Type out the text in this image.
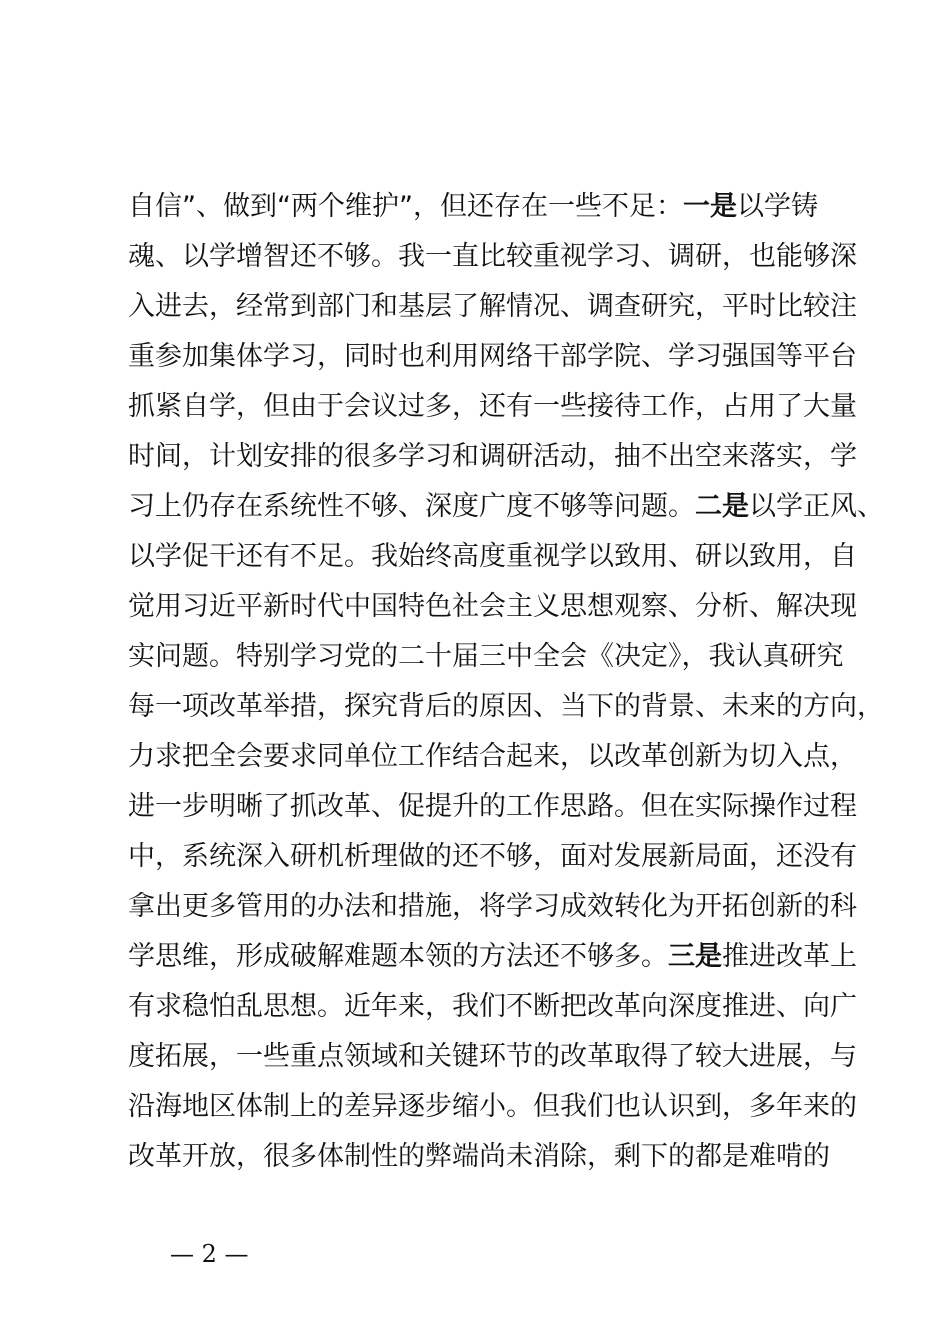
自信”、做到“两个维护”，但还存在一些不足：一是以学铸
魂、以学增智还不够。我一直比较重视学习、调研，也能够深
入进去，经常到部门和基层了解情况、调查研究，平时比较注
重参加集体学习，同时也利用网络干部学院、学习强国等平台
抓紧自学，但由于会议过多，还有一些接待工作，占用了大量
时间，计划安排的很多学习和调研活动，抽不出空来落实，学
习上仍存在系统性不够、深度广度不够等问题。二是以学正风、
以学促干还有不足。我始终高度重视学以致用、研以致用，自
觉用习近平新时代中国特色社会主义思想观察、分析、解决现
实问题。特别学习党的二十届三中全会《决定》，我认真研究
每一项改革举措，探究背后的原因、当下的背景、未来的方向，
力求把全会要求同单位工作结合起来，以改革创新为切入点，
进一步明晰了抓改革、促提升的工作思路。但在实际操作过程
中，系统深入研机析理做的还不够，面对发展新局面，还没有
拿出更多管用的办法和措施，将学习成效转化为开拓创新的科
学思维，形成破解难题本领的方法还不够多。三是推进改革上
有求稳怕乱思想。近年来，我们不断把改革向深度推进、向广
度拓展，一些重点领域和关键环节的改革取得了较大进展，与
沿海地区体制上的差异逐步缩小。但我们也认识到，多年来的
改革开放，很多体制性的弊端尚未消除，剩下的都是难啃的
— 2 —
